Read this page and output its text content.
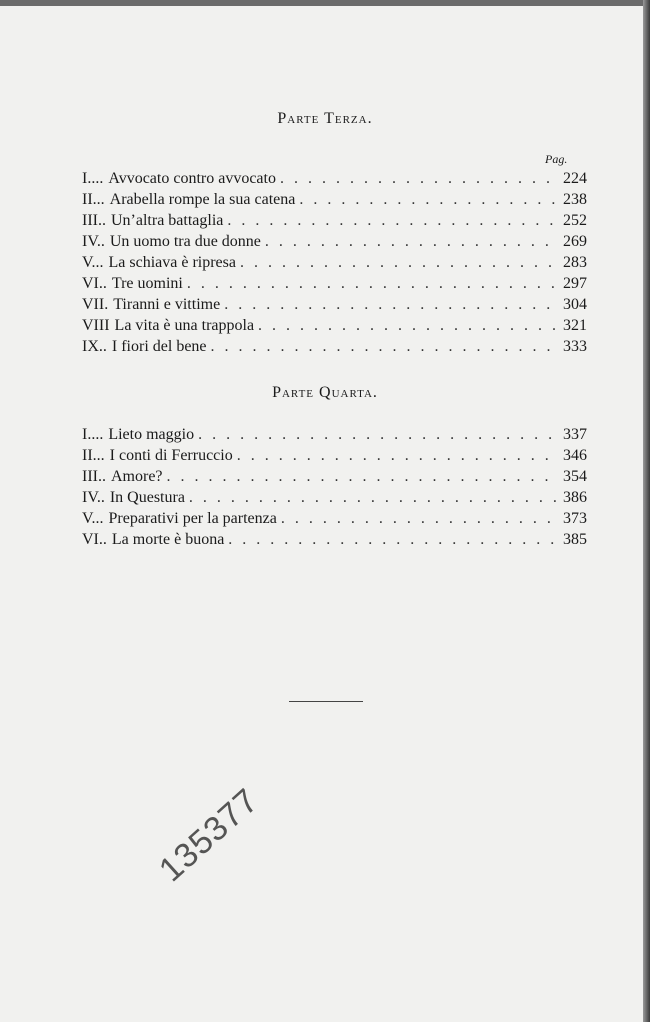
Parte Terza.
Pag.
I.... Avvocato contro avvocato . . .	224
II... Arabella rompe la sua catena . . .	238
III.. Un’altra battaglia . . .	252
IV.. Un uomo tra due donne . . .	269
V... La schiava è ripresa . . .	283
VI.. Tre uomini . . .	297
VII. Tiranni e vittime . . .	304
VIII La vita è una trappola . . .	321
IX.. I fiori del bene . . .	333
Parte Quarta.
I.... Lieto maggio . . .	337
II... I conti di Ferruccio . . .	346
III.. Amore? . . .	354
IV.. In Questura . . .	386
V... Preparativi per la partenza . . .	373
VI.. La morte è buona . . .	385
135377
